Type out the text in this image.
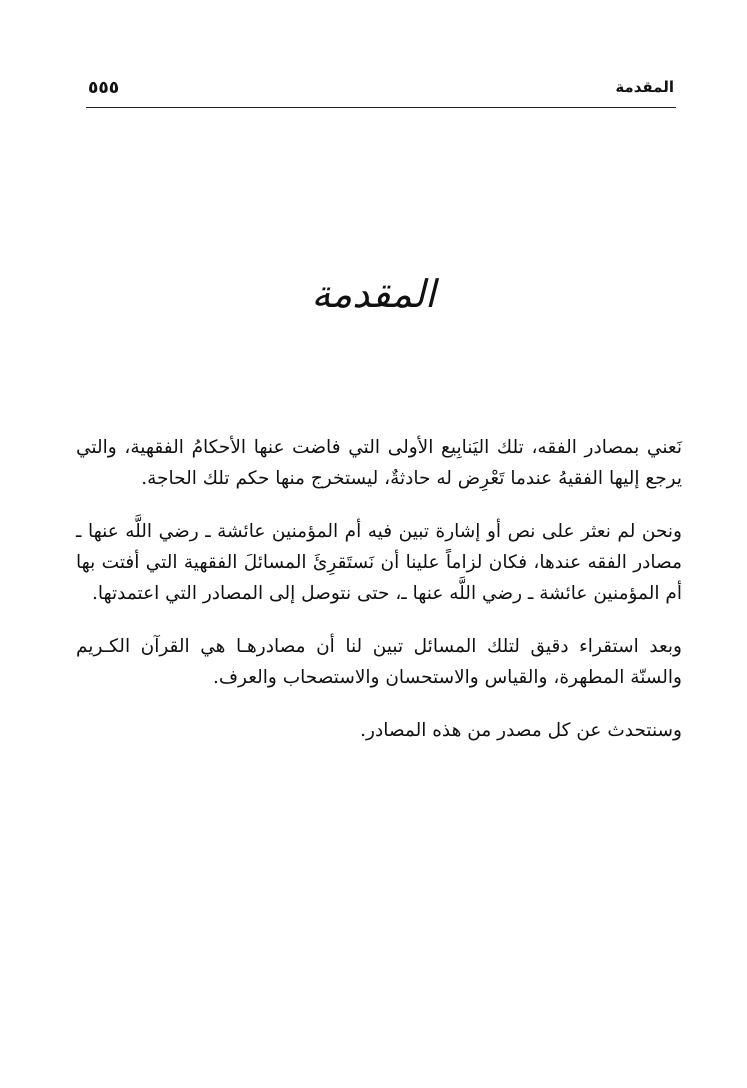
٥٥٥	المقدمة
المقدمة

نَعني بمصادر الفقه، تلك اليَنابِيع الأولى التي فاضت عنها الأحكامُ الفقهية، والتي يرجع إليها الفقيهُ عندما تَعْرِض له حادثةٌ، ليستخرج منها حكم تلك الحاجة.

ونحن لم نعثر على نص أو إشارة تبين فيه أم المؤمنين عائشة ـ رضي اللَّه عنها ـ مصادر الفقه عندها، فكان لزاماً علينا أن نَستَقرِئَ المسائلَ الفقهية التي أفتت بها أم المؤمنين عائشة ـ رضي اللَّه عنها ـ، حتى نتوصل إلى المصادر التي اعتمدتها.

وبعد استقراء دقيق لتلك المسائل تبين لنا أن مصادرهـا هي القرآن الكـريم والسنّة المطهرة، والقياس والاستحسان والاستصحاب والعرف.

وسنتحدث عن كل مصدر من هذه المصادر.
